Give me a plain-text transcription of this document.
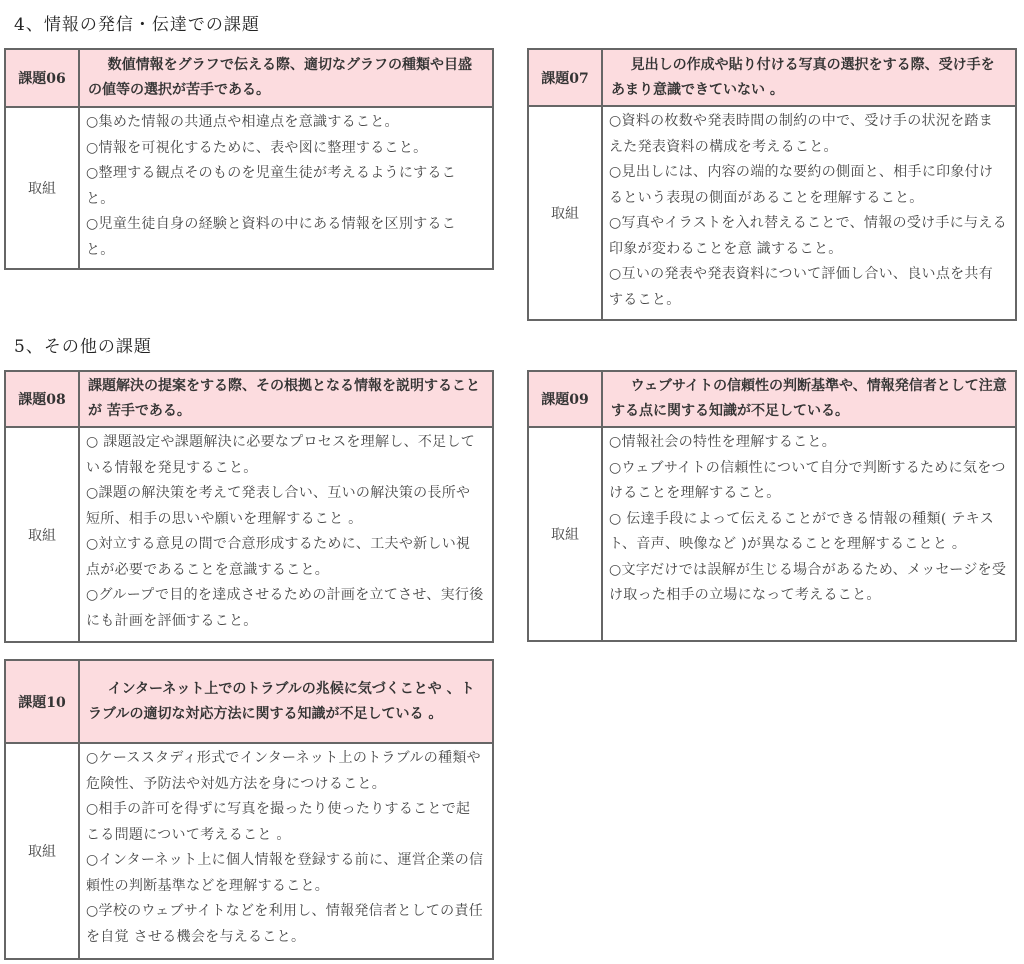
4、情報の発信・伝達での課題
課題06
数値情報をグラフで伝える際、適切なグラフの種類や目盛の値等の選択が苦手である。
取組

○集めた情報の共通点や相違点を意識すること。

○情報を可視化するために、表や図に整理すること。

○整理する観点そのものを児童生徒が考えるようにすること。

○児童生徒自身の経験と資料の中にある情報を区別すること。

課題07
見出しの作成や貼り付ける写真の選択をする際、受け手をあまり意識できていない 。
取組

○資料の枚数や発表時間の制約の中で、受け手の状況を踏まえた発表資料の構成を考えること。

○見出しには、内容の端的な要約の側面と、相手に印象付けるという表現の側面があることを理解すること。

○写真やイラストを入れ替えることで、情報の受け手に与える印象が変わることを意 識すること。

○互いの発表や発表資料について評価し合い、良い点を共有すること。

5、その他の課題
課題08
課題解決の提案をする際、その根拠となる情報を説明することが 苦手である。
取組

○ 課題設定や課題解決に必要なプロセスを理解し、不足している情報を発見すること。

○課題の解決策を考えて発表し合い、互いの解決策の長所や短所、相手の思いや願いを理解すること 。

○対立する意見の間で合意形成するために、工夫や新しい視点が必要であることを意識すること。

○グループで目的を達成させるための計画を立てさせ、実行後にも計画を評価すること。

課題09
ウェブサイトの信頼性の判断基準や、情報発信者として注意する点に関する知識が不足している。
取組

○情報社会の特性を理解すること。

○ウェブサイトの信頼性について自分で判断するために気をつけることを理解すること。

○ 伝達手段によって伝えることができる情報の種類( テキスト、音声、映像など )が異なることを理解することと 。

○文字だけでは誤解が生じる場合があるため、メッセージを受け取った相手の立場になって考えること。

課題10
インターネット上でのトラブルの兆候に気づくことや 、トラブルの適切な対応方法に関する知識が不足している 。
取組

○ケーススタディ形式でインターネット上のトラブルの種類や危険性、予防法や対処方法を身につけること。

○相手の許可を得ずに写真を撮ったり使ったりすることで起こる問題について考えること 。

○インターネット上に個人情報を登録する前に、運営企業の信頼性の判断基準などを理解すること。

○学校のウェブサイトなどを利用し、情報発信者としての責任を自覚 させる機会を与えること。
